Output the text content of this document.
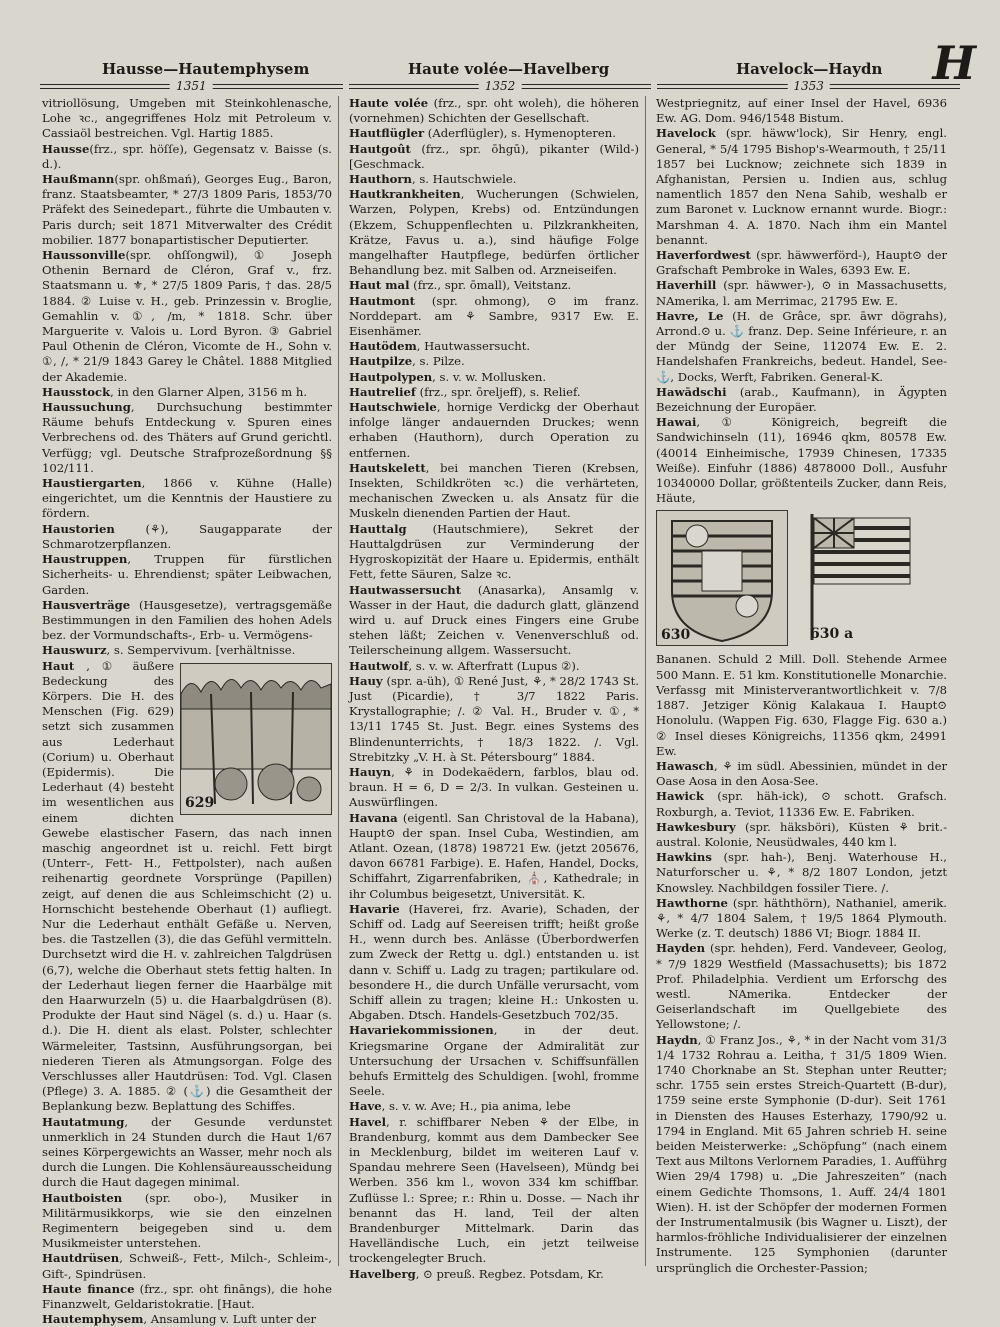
Hausse—Hautemphysem	Haute volée—Havelberg	Havelock—Haydn H
1351	1352	1353

vitriollösung, Umgeben mit Steinkohlenasche, Lohe ꝛc., angegriffenes Holz mit Petroleum v. Cassiaöl bestreichen. Vgl. Hartig 1885.

Hausse(frz., spr. höſſe), Gegensatz v. Baisse (s. d.).

Haußmann(spr. ohßmań), Georges Eug., Baron, franz. Staatsbeamter, * 27/3 1809 Paris, 1853/70 Präfekt des Seinedepart., führte die Umbauten v. Paris durch; seit 1871 Mitverwalter des Crédit mobilier. 1877 bonapartistischer Deputierter.

Haussonville(spr. ohſſongwil), ① Joseph Othenin Bernard de Cléron, Graf v., frz. Staatsmann u. ⚜, * 27/5 1809 Paris, † das. 28/5 1884. ② Luise v. H., geb. Prinzessin v. Broglie, Gemahlin v. ①, /m, * 1818. Schr. über Marguerite v. Valois u. Lord Byron. ③ Gabriel Paul Othenin de Cléron, Vicomte de H., Sohn v. ①, /, * 21/9 1843 Garey le Châtel. 1888 Mitglied der Akademie.

Hausstock, in den Glarner Alpen, 3156 m h.

Haussuchung, Durchsuchung bestimmter Räume behufs Entdeckung v. Spuren eines Verbrechens od. des Thäters auf Grund gerichtl. Verfügg; vgl. Deutsche Strafprozeßordnung §§ 102/111.

Haustiergarten, 1866 v. Kühne (Halle) eingerichtet, um die Kenntnis der Haustiere zu fördern.

Haustorien (⚘), Saugapparate der Schmarotzerpflanzen.

Haustruppen, Truppen für fürstlichen Sicherheits- u. Ehrendienst; später Leibwachen, Garden.

Hausverträge (Hausgesetze), vertragsgemäße Bestimmungen in den Familien des hohen Adels bez. der Vormundschafts-, Erb- u. Vermögens-

Hauswurz, s. Sempervivum. [verhältnisse.

Haut
629
, ① äußere Bedeckung des Körpers. Die H. des Menschen (Fig. 629) setzt sich zusammen aus Lederhaut (Corium) u. Oberhaut (Epidermis). Die Lederhaut (4) besteht im wesentlichen aus einem dichten Gewebe elastischer Fasern, das nach innen maschig angeordnet ist u. reichl. Fett birgt (Unterr-, Fett- H., Fettpolster), nach außen reihenartig geordnete Vorsprünge (Papillen) zeigt, auf denen die aus Schleimschicht (2) u. Hornschicht bestehende Oberhaut (1) aufliegt. Nur die Lederhaut enthält Gefäße u. Nerven, bes. die Tastzellen (3), die das Gefühl vermitteln. Durchsetzt wird die H. v. zahlreichen Talgdrüsen (6,7), welche die Oberhaut stets fettig halten. In der Lederhaut liegen ferner die Haarbälge mit den Haarwurzeln (5) u. die Haarbalgdrüsen (8). Produkte der Haut sind Nägel (s. d.) u. Haar (s. d.). Die H. dient als elast. Polster, schlechter Wärmeleiter, Tastsinn, Ausführungsorgan, bei niederen Tieren als Atmungsorgan. Folge des Verschlusses aller Hautdrüsen: Tod. Vgl. Clasen (Pflege) 3. A. 1885. ② (⚓) die Gesamtheit der Beplankung bezw. Beplattung des Schiffes.

Hautatmung, der Gesunde verdunstet unmerklich in 24 Stunden durch die Haut 1/67 seines Körpergewichts an Wasser, mehr noch als durch die Lungen. Die Kohlensäureausscheidung durch die Haut dagegen minimal.

Hautboisten (spr. obo-), Musiker in Militärmusikkorps, wie sie den einzelnen Regimentern beigegeben sind u. dem Musikmeister unterstehen.

Hautdrüsen, Schweiß-, Fett-, Milch-, Schleim-, Gift-, Spindrüsen.

Haute finance (frz., spr. oht fināngs), die hohe Finanzwelt, Geldaristokratie. [Haut.

Hautemphysem, Ansamlung v. Luft unter der

Haute volée (frz., spr. oht woleh), die höheren (vornehmen) Schichten der Gesellschaft.

Hautflügler (Aderflügler), s. Hymenopteren.

Hautgoût (frz., spr. ōhgū), pikanter (Wild-) [Geschmack.

Hauthorn, s. Hautschwiele.

Hautkrankheiten, Wucherungen (Schwielen, Warzen, Polypen, Krebs) od. Entzündungen (Ekzem, Schuppenflechten u. Pilzkrankheiten, Krätze, Favus u. a.), sind häufige Folge mangelhafter Hautpflege, bedürfen örtlicher Behandlung bez. mit Salben od. Arzneiseifen.

Haut mal (frz., spr. ōmall), Veitstanz.

Hautmont (spr. ohmong), ⊙ im franz. Norddepart. am ⚘ Sambre, 9317 Ew. E. Eisenhämer.

Hautödem, Hautwassersucht.

Hautpilze, s. Pilze.

Hautpolypen, s. v. w. Mollusken.

Hautrelief (frz., spr. ōreljeff), s. Relief.

Hautschwiele, hornige Verdickg der Oberhaut infolge länger andauernden Druckes; wenn erhaben (Hauthorn), durch Operation zu entfernen.

Hautskelett, bei manchen Tieren (Krebsen, Insekten, Schildkröten ꝛc.) die verhärteten, mechanischen Zwecken u. als Ansatz für die Muskeln dienenden Partien der Haut.

Hauttalg (Hautschmiere), Sekret der Hauttalgdrüsen zur Verminderung der Hygroskopizität der Haare u. Epidermis, enthält Fett, fette Säuren, Salze ꝛc.

Hautwassersucht (Anasarka), Ansamlg v. Wasser in der Haut, die dadurch glatt, glänzend wird u. auf Druck eines Fingers eine Grube stehen läßt; Zeichen v. Venenverschluß od. Teilerscheinung allgem. Wassersucht.

Hautwolf, s. v. w. Afterfratt (Lupus ②).

Hauy (spr. a-üh), ① René Just, ⚘, * 28/2 1743 St. Just (Picardie), † 3/7 1822 Paris. Krystallographie; /. ② Val. H., Bruder v. ①, * 13/11 1745 St. Just. Begr. eines Systems des Blindenunterrichts, † 18/3 1822. /. Vgl. Strebitzky „V. H. à St. Pétersbourg“ 1884.

Hauyn, ⚘ in Dodekaëdern, farblos, blau od. braun. H = 6, D = 2/3. In vulkan. Gesteinen u. Auswürflingen.

Havana (eigentl. San Christoval de la Habana), Haupt⊙ der span. Insel Cuba, Westindien, am Atlant. Ozean, (1878) 198721 Ew. (jetzt 205676, davon 66781 Farbige). E. Hafen, Handel, Docks, Schiffahrt, Zigarrenfabriken, ⛪, Kathedrale; in ihr Columbus beigesetzt, Universität. K.

Havarie (Haverei, frz. Avarie), Schaden, der Schiff od. Ladg auf Seereisen trifft; heißt große H., wenn durch bes. Anlässe (Überbordwerfen zum Zweck der Rettg u. dgl.) entstanden u. ist dann v. Schiff u. Ladg zu tragen; partikulare od. besondere H., die durch Unfälle verursacht, vom Schiff allein zu tragen; kleine H.: Unkosten u. Abgaben. Dtsch. Handels-Gesetzbuch 702/35.

Havariekommissionen, in der deut. Kriegsmarine Organe der Admiralität zur Untersuchung der Ursachen v. Schiffsunfällen behufs Ermittelg des Schuldigen. [wohl, fromme Seele.

Have, s. v. w. Ave; H., pia anima, lebe

Havel, r. schiffbarer Neben ⚘ der Elbe, in Brandenburg, kommt aus dem Dambecker See in Mecklenburg, bildet im weiteren Lauf v. Spandau mehrere Seen (Havelseen), Mündg bei Werben. 356 km l., wovon 334 km schiffbar. Zuflüsse l.: Spree; r.: Rhin u. Dosse. — Nach ihr benannt das H. land, Teil der alten Brandenburger Mittelmark. Darin das Havelländische Luch, ein jetzt teilweise trockengelegter Bruch.

Havelberg, ⊙ preuß. Regbez. Potsdam, Kr.

Westpriegnitz, auf einer Insel der Havel, 6936 Ew. AG. Dom. 946/1548 Bistum.

Havelock (spr. häww'lock), Sir Henry, engl. General, * 5/4 1795 Bishop's-Wearmouth, † 25/11 1857 bei Lucknow; zeichnete sich 1839 in Afghanistan, Persien u. Indien aus, schlug namentlich 1857 den Nena Sahib, weshalb er zum Baronet v. Lucknow ernannt wurde. Biogr.: Marshman 4. A. 1870. Nach ihm ein Mantel benannt.

Haverfordwest (spr. häwwerförd-), Haupt⊙ der Grafschaft Pembroke in Wales, 6393 Ew. E.

Haverhill (spr. häwwer-), ⊙ in Massachusetts, NAmerika, l. am Merrimac, 21795 Ew. E.

Havre, Le (H. de Grâce, spr. āwr dögrahs), Arrond.⊙ u. ⚓ franz. Dep. Seine Inférieure, r. an der Mündg der Seine, 112074 Ew. E. 2. Handelshafen Frankreichs, bedeut. Handel, See-⚓, Docks, Werft, Fabriken. General-K.

Hawādschi (arab., Kaufmann), in Ägypten Bezeichnung der Europäer.

Hawai, ① Königreich, begreift die Sandwichinseln (11), 16946 qkm, 80578 Ew. (40014 Einheimische, 17939 Chinesen, 17335 Weiße). Einfuhr (1886) 4878000 Doll., Ausfuhr 10340000 Dollar, größtenteils Zucker, dann Reis, Häute,

630	630 a

Bananen. Schuld 2 Mill. Doll. Stehende Armee 500 Mann. E. 51 km. Konstitutionelle Monarchie. Verfassg mit Ministerverantwortlichkeit v. 7/8 1887. Jetziger König Kalakaua I. Haupt⊙ Honolulu. (Wappen Fig. 630, Flagge Fig. 630 a.) ② Insel dieses Königreichs, 11356 qkm, 24991 Ew.

Hawasch, ⚘ im südl. Abessinien, mündet in der Oase Aosa in den Aosa-See.

Hawick (spr. häh-ick), ⊙ schott. Grafsch. Roxburgh, a. Teviot, 11336 Ew. E. Fabriken.

Hawkesbury (spr. häksböri), Küsten ⚘ brit.-austral. Kolonie, Neusüdwales, 440 km l.

Hawkins (spr. hah-), Benj. Waterhouse H., Naturforscher u. ⚘, * 8/2 1807 London, jetzt Knowsley. Nachbildgen fossiler Tiere. /.

Hawthorne (spr. häththörn), Nathaniel, amerik. ⚘, * 4/7 1804 Salem, † 19/5 1864 Plymouth. Werke (z. T. deutsch) 1886 VI; Biogr. 1884 II.

Hayden (spr. hehden), Ferd. Vandeveer, Geolog, * 7/9 1829 Westfield (Massachusetts); bis 1872 Prof. Philadelphia. Verdient um Erforschg des westl. NAmerika. Entdecker der Geiserlandschaft im Quellgebiete des Yellowstone; /.

Haydn, ① Franz Jos., ⚘, * in der Nacht vom 31/3 1/4 1732 Rohrau a. Leitha, † 31/5 1809 Wien. 1740 Chorknabe an St. Stephan unter Reutter; schr. 1755 sein erstes Streich-Quartett (B-dur), 1759 seine erste Symphonie (D-dur). Seit 1761 in Diensten des Hauses Esterhazy, 1790/92 u. 1794 in England. Mit 65 Jahren schrieb H. seine beiden Meisterwerke: „Schöpfung“ (nach einem Text aus Miltons Verlornem Paradies, 1. Aufführg Wien 29/4 1798) u. „Die Jahreszeiten“ (nach einem Gedichte Thomsons, 1. Auff. 24/4 1801 Wien). H. ist der Schöpfer der modernen Formen der Instrumentalmusik (bis Wagner u. Liszt), der harmlos-fröhliche Individualisierer der einzelnen Instrumente. 125 Symphonien (darunter ursprünglich die Orchester-Passion;
